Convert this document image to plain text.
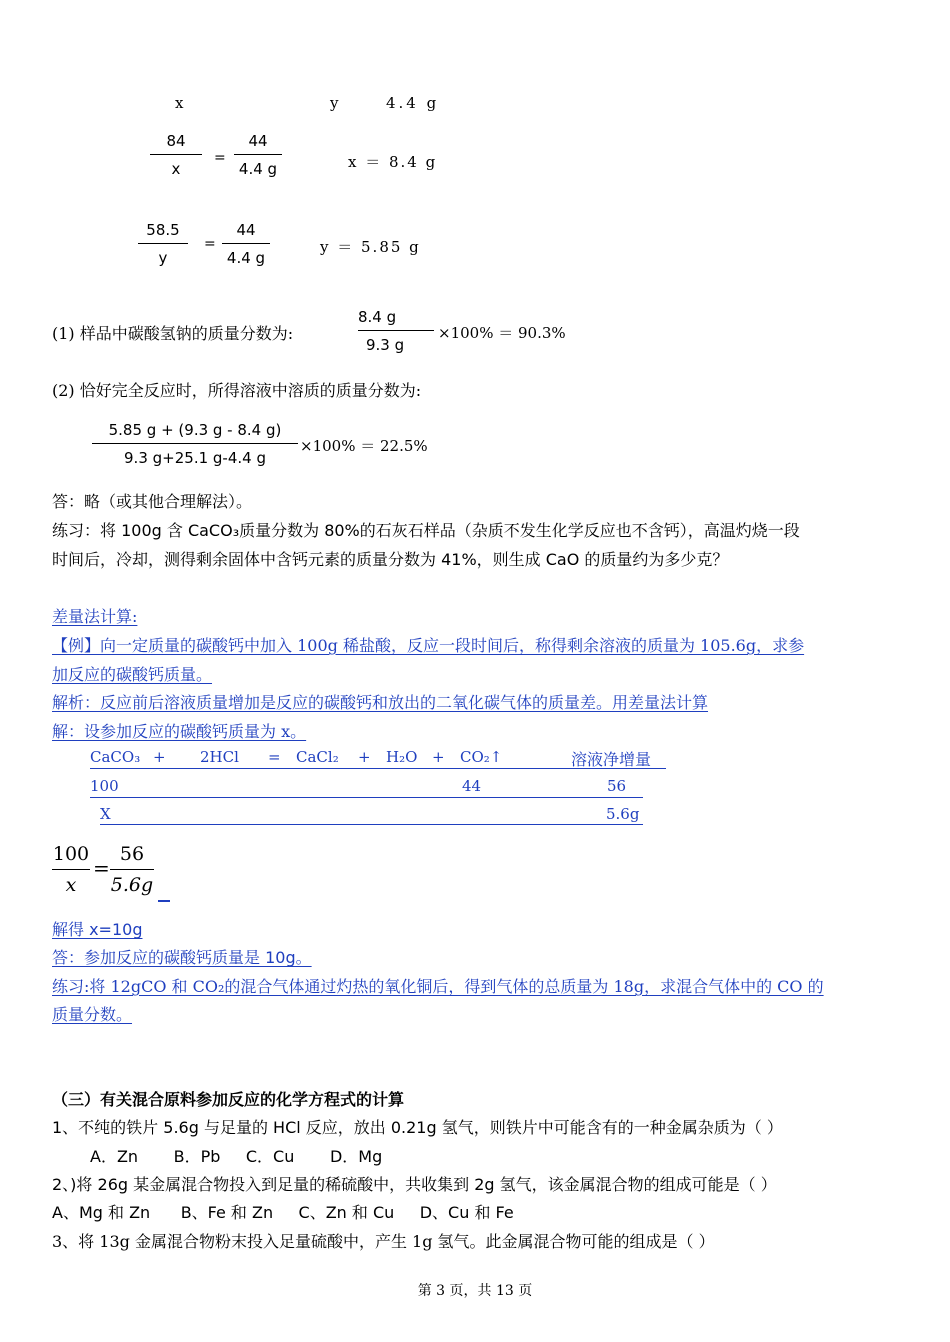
x	y	4.4 g
84
x
=
44
4.4 g	x ＝ 8.4 g
58.5
y
=
44
4.4 g
y ＝ 5.85 g
(1) 样品中碳酸氢钠的质量分数为:
8.4 g
9.3 g
×100% ＝ 90.3%
(2) 恰好完全反应时，所得溶液中溶质的质量分数为:
5.85 g + (9.3 g - 8.4 g)
9.3 g+25.1 g-4.4 g
×100% ＝ 22.5%
答：略（或其他合理解法）。
练习：将 100g 含 CaCO₃质量分数为 80%的石灰石样品（杂质不发生化学反应也不含钙），高温灼烧一段
时间后，冷却，测得剩余固体中含钙元素的质量分数为 41%，则生成 CaO 的质量约为多少克？
差量法计算:
【例】向一定质量的碳酸钙中加入 100g 稀盐酸，反应一段时间后，称得剩余溶液的质量为 105.6g，求参
加反应的碳酸钙质量。
解析：反应前后溶液质量增加是反应的碳酸钙和放出的二氧化碳气体的质量差。用差量法计算
解：设参加反应的碳酸钙质量为 x。
CaCO₃ + 2HCl = CaCl₂ + H₂O + CO₂↑	溶液净增量
100	44	56
X	5.6g
100
x
=
56
5.6g
解得 x=10g
答：参加反应的碳酸钙质量是 10g。
练习:将 12gCO 和 CO₂的混合气体通过灼热的氧化铜后，得到气体的总质量为 18g，求混合气体中的 CO 的
质量分数。
（三）有关混合原料参加反应的化学方程式的计算
1、不纯的铁片 5.6g 与足量的 HCl 反应，放出 0.21g 氢气，则铁片中可能含有的一种金属杂质为（ ）
A．Zn       B．Pb     C．Cu       D．Mg
2、)将 26g 某金属混合物投入到足量的稀硫酸中，共收集到 2g 氢气，该金属混合物的组成可能是（ ）
A、Mg 和 Zn      B、Fe 和 Zn     C、Zn 和 Cu     D、Cu 和 Fe
3、将 13g 金属混合物粉末投入足量硫酸中，产生 1g 氢气。此金属混合物可能的组成是（ ）
第 3 页，共 13 页
